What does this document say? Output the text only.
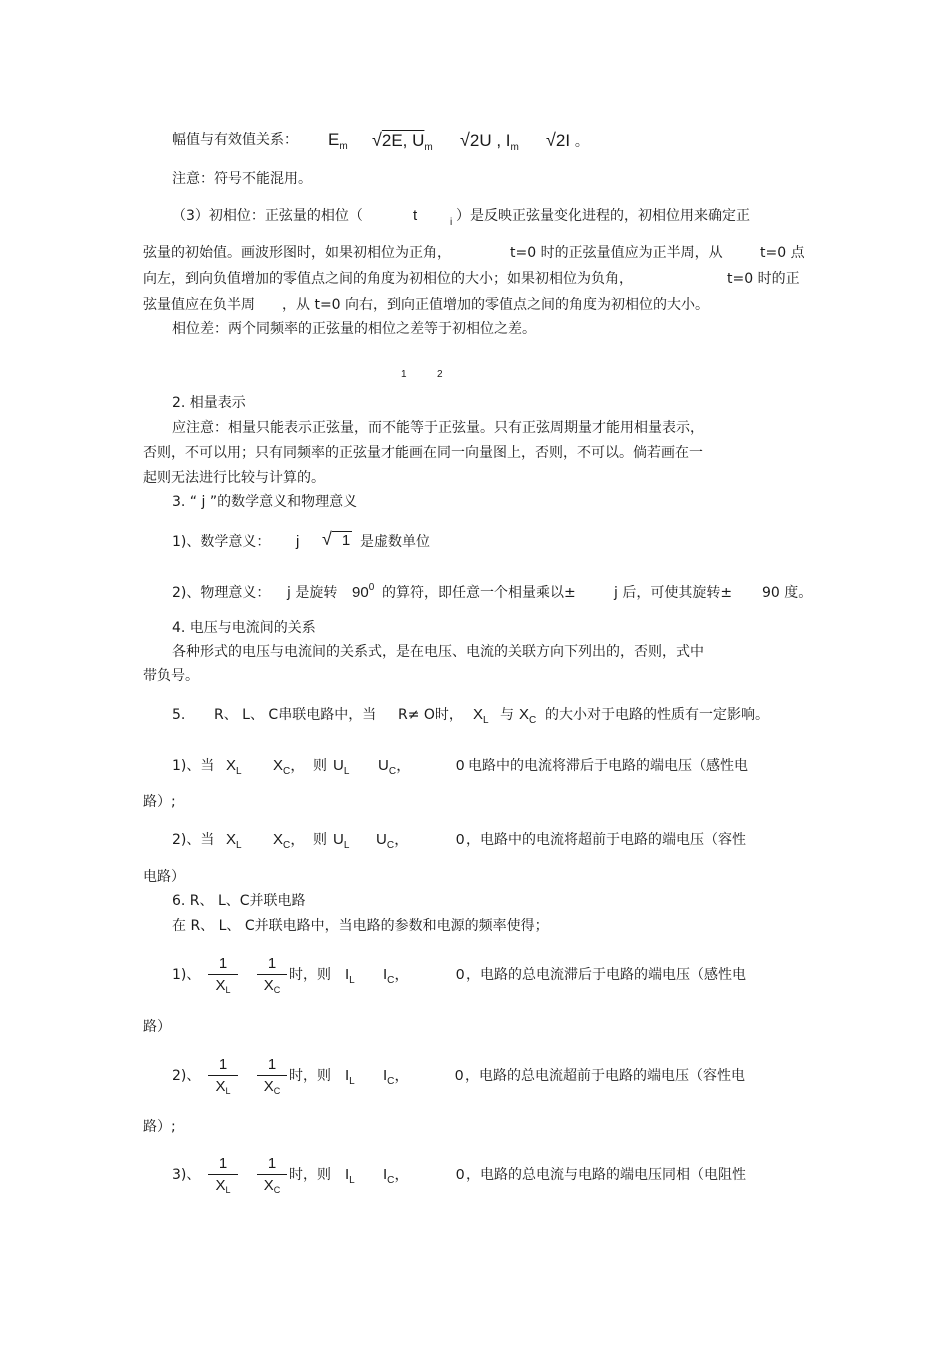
幅值与有效值关系： $E_m$ √2E, $U_m$ √2U , $I_m$ √2I 。
注意：符号不能混用。
（3）初相位：正弦量的相位（	t	i ）是反映正弦量变化进程的，初相位用来确定正
弦量的初始值。画波形图时，如果初相位为正角，	t=0 时的正弦量值应为正半周，从	t=0 点
向左，到向负值增加的零值点之间的角度为初相位的大小；如果初相位为负角，	t=0 时的正
弦量值应在负半周 ，从 t=0 向右，到向正值增加的零值点之间的角度为初相位的大小。
相位差：两个同频率的正弦量的相位之差等于初相位之差。
1	2
2. 相量表示
应注意：相量只能表示正弦量，而不能等于正弦量。只有正弦周期量才能用相量表示，
否则，不可以用；只有同频率的正弦量才能画在同一向量图上，否则，不可以。倘若画在一
起则无法进行比较与计算的。
3. “ j ”的数学意义和物理意义
1)、数学意义： j √ 1 是虚数单位
2)、物理意义： j 是旋转 $90^0$ 的算符，即任意一个相量乘以±	j 后，可使其旋转± 90 度。
4. 电压与电流间的关系
各种形式的电压与电流间的关系式，是在电压、电流的关联方向下列出的，否则，式中
带负号。
5. R、 L、 C串联电路中，当 R≠ O时， $X_L$ 与 $X_C$ 的大小对于电路的性质有一定影响。
1)、当 $X_L$ $X_C$， 则 $U_L$ $U_C$，	0 电路中的电流将滞后于电路的端电压（感性电
路）;
2)、当 $X_L$ $X_C$， 则 $U_L$ $U_C$，	0 ，电路中的电流将超前于电路的端电压（容性
电路）
6. R、 L、C并联电路
在 R、 L、 C并联电路中，当电路的参数和电源的频率使得；
1)、
1
$X_L$
1
$X_C$
时，则 $I_L$ $I_C$，	0 ，电路的总电流滞后于电路的端电压（感性电
路）
2)、
1
$X_L$
1
$X_C$
时，则 $I_L$ $I_C$，	0 ，电路的总电流超前于电路的端电压（容性电
路）;
3)、
1
$X_L$
1
$X_C$
时，则 $I_L$ $I_C$，	0 ，电路的总电流与电路的端电压同相（电阻性
